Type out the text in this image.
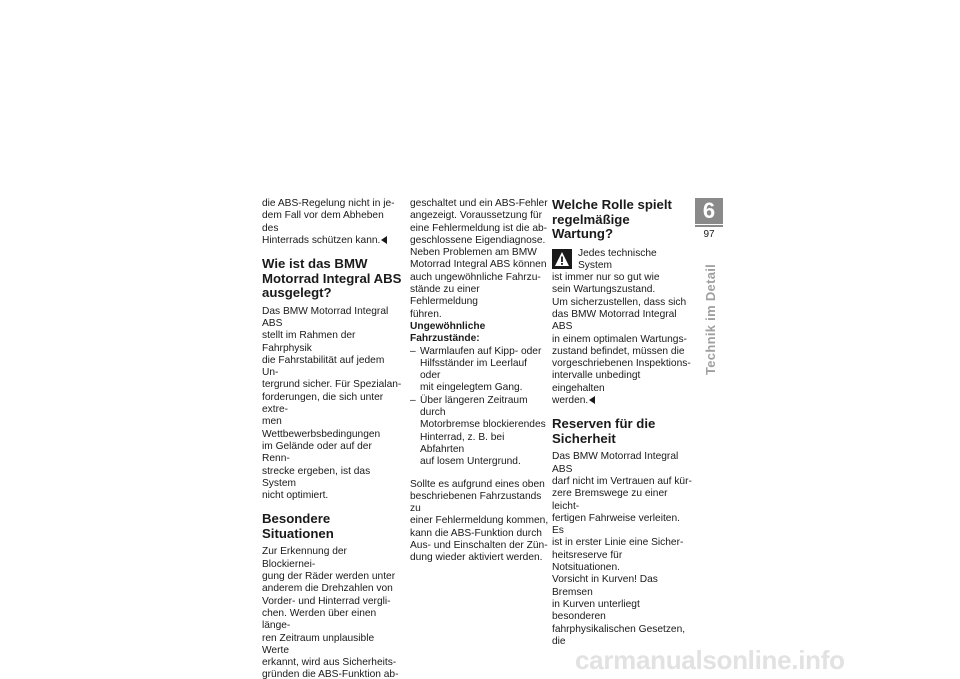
die ABS-Regelung nicht in je-
dem Fall vor dem Abheben des
Hinterrads schützen kann.

Wie ist das BMW
Motorrad Integral ABS
ausgelegt?

Das BMW Motorrad Integral ABS
stellt im Rahmen der Fahrphysik
die Fahrstabilität auf jedem Un-
tergrund sicher. Für Spezialan-
forderungen, die sich unter extre-
men Wettbewerbsbedingungen
im Gelände oder auf der Renn-
strecke ergeben, ist das System
nicht optimiert.

Besondere Situationen

Zur Erkennung der Blockiernei-
gung der Räder werden unter
anderem die Drehzahlen von
Vorder- und Hinterrad vergli-
chen. Werden über einen länge-
ren Zeitraum unplausible Werte
erkannt, wird aus Sicherheits-
gründen die ABS-Funktion ab-

geschaltet und ein ABS-Fehler
angezeigt. Voraussetzung für
eine Fehlermeldung ist die ab-
geschlossene Eigendiagnose.
Neben Problemen am BMW
Motorrad Integral ABS können
auch ungewöhnliche Fahrzu-
stände zu einer Fehlermeldung
führen.

Ungewöhnliche
Fahrzustände:
– Warmlaufen auf Kipp- oder
Hilfsständer im Leerlauf oder
mit eingelegtem Gang.
– Über längeren Zeitraum durch
Motorbremse blockierendes
Hinterrad, z. B. bei Abfahrten
auf losem Untergrund.

Sollte es aufgrund eines oben
beschriebenen Fahrzustands zu
einer Fehlermeldung kommen,
kann die ABS-Funktion durch
Aus- und Einschalten der Zün-
dung wieder aktiviert werden.

Welche Rolle spielt
regelmäßige Wartung?

Jedes technische System
ist immer nur so gut wie
sein Wartungszustand.

Um sicherzustellen, dass sich
das BMW Motorrad Integral ABS
in einem optimalen Wartungs-
zustand befindet, müssen die
vorgeschriebenen Inspektions-
intervalle unbedingt eingehalten
werden.

Reserven für die
Sicherheit

Das BMW Motorrad Integral ABS
darf nicht im Vertrauen auf kür-
zere Bremswege zu einer leicht-
fertigen Fahrweise verleiten. Es
ist in erster Linie eine Sicher-
heitsreserve für Notsituationen.
Vorsicht in Kurven! Das Bremsen
in Kurven unterliegt besonderen
fahrphysikalischen Gesetzen, die

6
97
Technik im Detail
carmanualsonline.info
